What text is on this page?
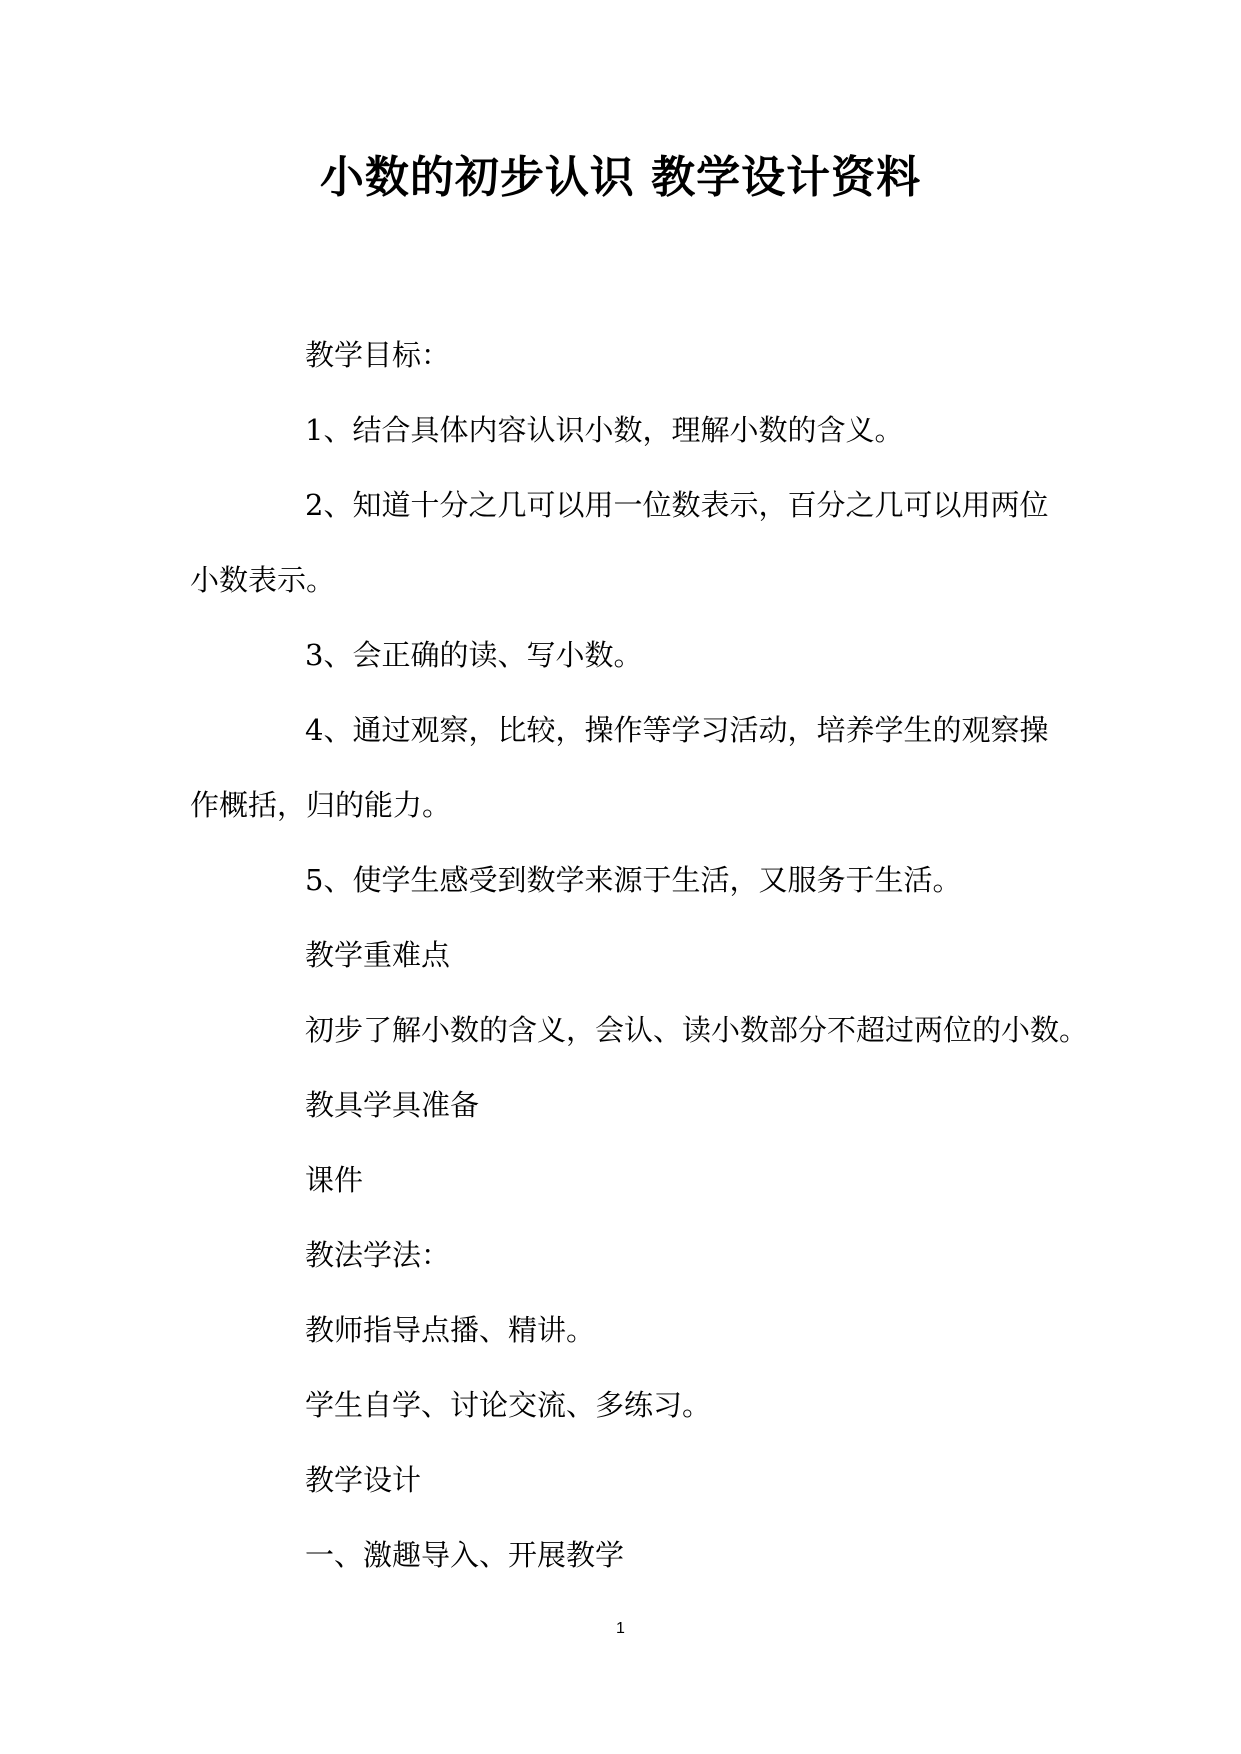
小数的初步认识 教学设计资料

教学目标：

1、结合具体内容认识小数，理解小数的含义。

2、知道十分之几可以用一位数表示，百分之几可以用两位

小数表示。

3、会正确的读、写小数。

4、通过观察，比较，操作等学习活动，培养学生的观察操

作概括，归的能力。

5、使学生感受到数学来源于生活，又服务于生活。

教学重难点

初步了解小数的含义，会认、读小数部分不超过两位的小数。

教具学具准备

课件

教法学法：

教师指导点播、精讲。

学生自学、讨论交流、多练习。

教学设计

一、激趣导入、开展教学

1
